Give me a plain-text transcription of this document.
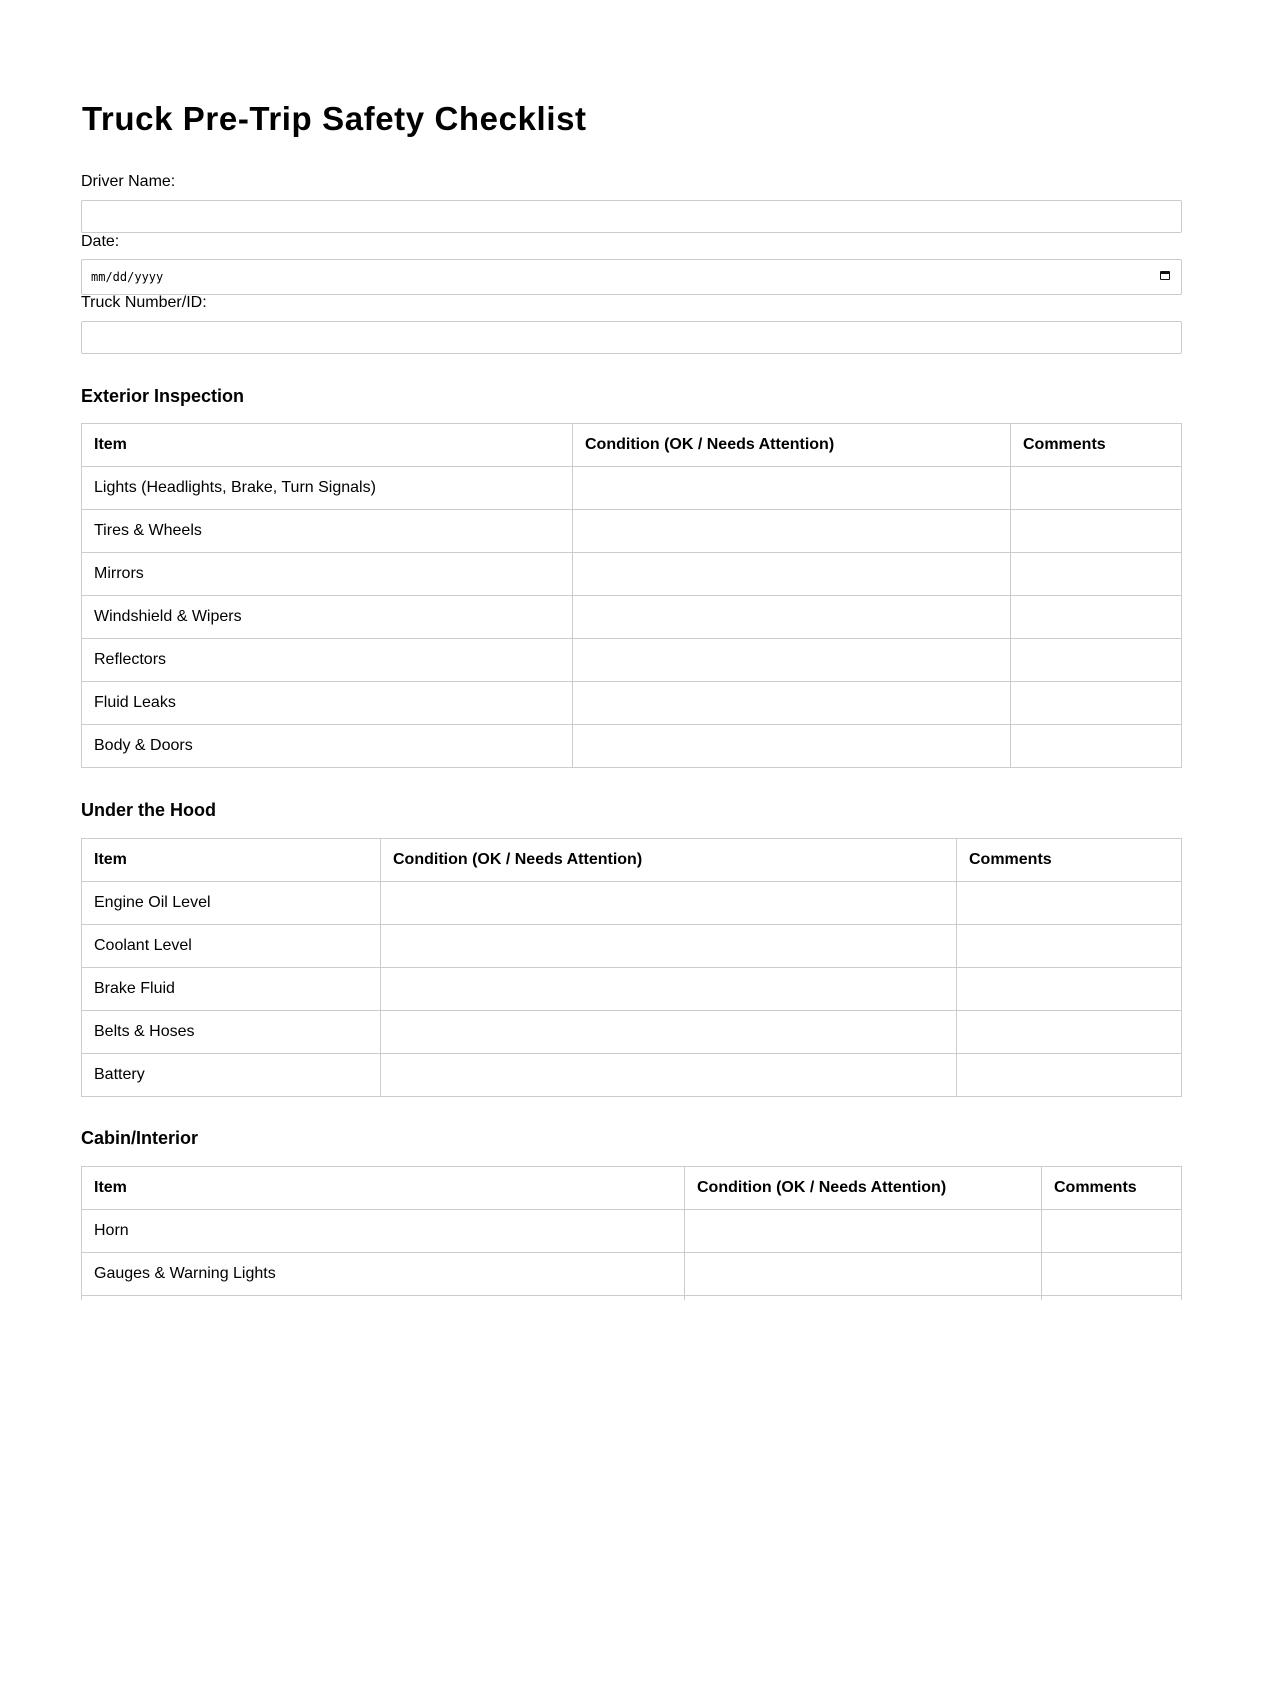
Truck Pre-Trip Safety Checklist
Driver Name:
Date:
mm/dd/yyyy
Truck Number/ID:
Exterior Inspection
Item	Condition (OK / Needs Attention)	Comments
Lights (Headlights, Brake, Turn Signals)		
Tires & Wheels		
Mirrors		
Windshield & Wipers		
Reflectors		
Fluid Leaks		
Body & Doors		
Under the Hood
Item	Condition (OK / Needs Attention)	Comments
Engine Oil Level		
Coolant Level		
Brake Fluid		
Belts & Hoses		
Battery		
Cabin/Interior
Item	Condition (OK / Needs Attention)	Comments
Horn		
Gauges & Warning Lights		
